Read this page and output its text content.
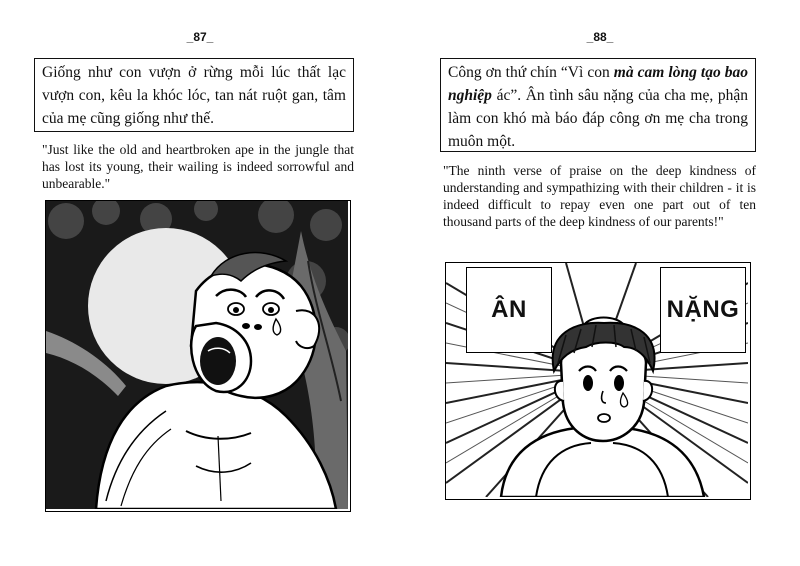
_87_
Giống như con vượn ở rừng mỗi lúc thất lạc vượn con, kêu la khóc lóc, tan nát ruột gan, tâm của mẹ cũng giống như thế.
"Just like the old and heartbroken ape in the jungle that has lost its young, their wailing is indeed sorrowful and unbearable."
_88_
Công ơn thứ chín “Vì con mà cam lòng tạo bao nghiệp ác”. Ân tình sâu nặng của cha mẹ, phận làm con khó mà báo đáp công ơn mẹ cha trong muôn một.
"The ninth verse of praise on the deep kindness of understanding and sympathizing with their children - it is indeed difficult to repay even one part out of ten thousand parts of the deep kindness of our parents!"
ÂN	NẶNG
